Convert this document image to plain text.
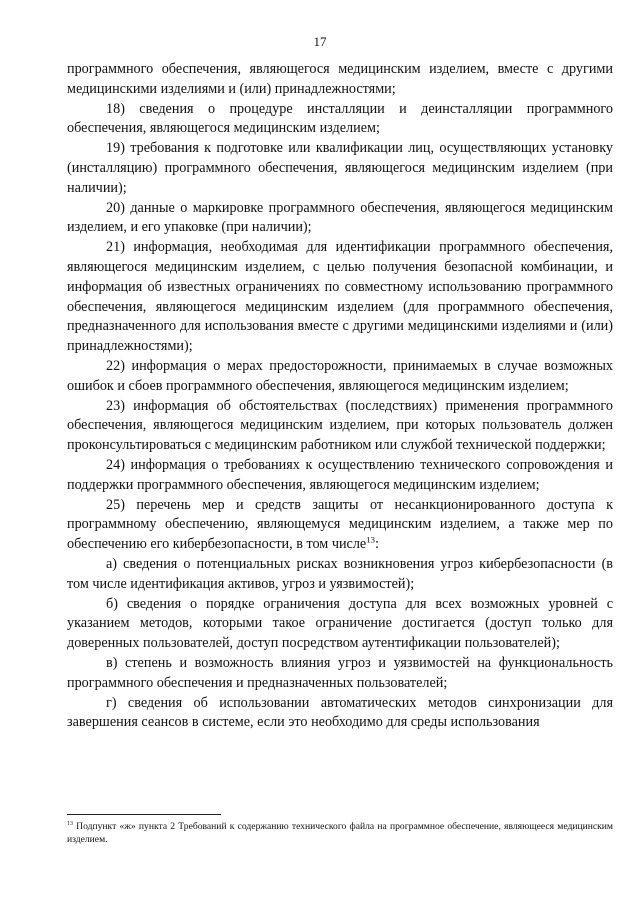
17

программного обеспечения, являющегося медицинским изделием, вместе с другими медицинскими изделиями и (или) принадлежностями;

18) сведения о процедуре инсталляции и деинсталляции программного обеспечения, являющегося медицинским изделием;

19) требования к подготовке или квалификации лиц, осуществляющих установку (инсталляцию) программного обеспечения, являющегося медицинским изделием (при наличии);

20) данные о маркировке программного обеспечения, являющегося медицинским изделием, и его упаковке (при наличии);

21) информация, необходимая для идентификации программного обеспечения, являющегося медицинским изделием, с целью получения безопасной комбинации, и информация об известных ограничениях по совместному использованию программного обеспечения, являющегося медицинским изделием (для программного обеспечения, предназначенного для использования вместе с другими медицинскими изделиями и (или) принадлежностями);

22) информация о мерах предосторожности, принимаемых в случае возможных ошибок и сбоев программного обеспечения, являющегося медицинским изделием;

23) информация об обстоятельствах (последствиях) применения программного обеспечения, являющегося медицинским изделием, при которых пользователь должен проконсультироваться с медицинским работником или службой технической поддержки;

24) информация о требованиях к осуществлению технического сопровождения и поддержки программного обеспечения, являющегося медицинским изделием;

25) перечень мер и средств защиты от несанкционированного доступа к программному обеспечению, являющемуся медицинским изделием, а также мер по обеспечению его кибербезопасности, в том числе$^{13}$:

а) сведения о потенциальных рисках возникновения угроз кибербезопасности (в том числе идентификация активов, угроз и уязвимостей);

б) сведения о порядке ограничения доступа для всех возможных уровней с указанием методов, которыми такое ограничение достигается (доступ только для доверенных пользователей, доступ посредством аутентификации пользователей);

в) степень и возможность влияния угроз и уязвимостей на функциональность программного обеспечения и предназначенных пользователей;

г) сведения об использовании автоматических методов синхронизации для завершения сеансов в системе, если это необходимо для среды использования

$^{13}$ Подпункт «ж» пункта 2 Требований к содержанию технического файла на программное обеспечение, являющееся медицинским изделием.
